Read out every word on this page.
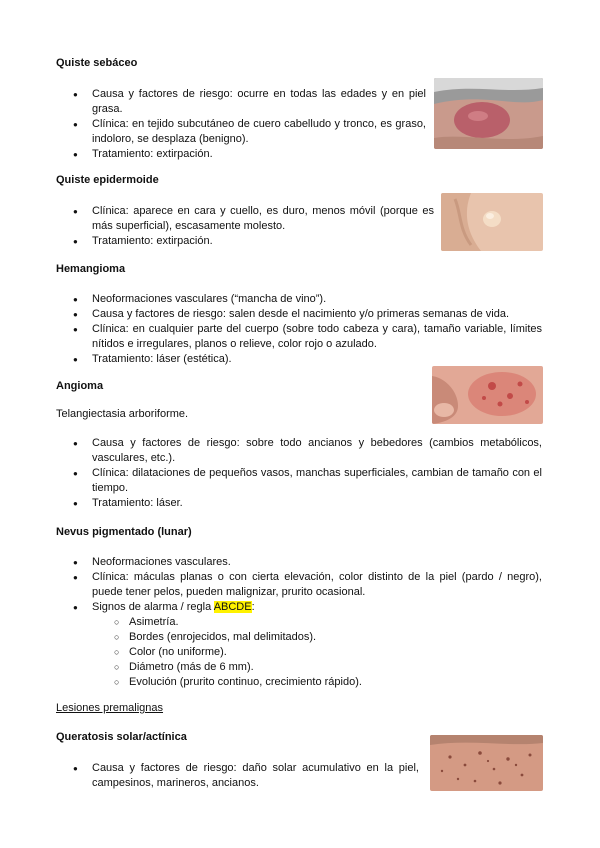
Quiste sebáceo

● Causa y factores de riesgo: ocurre en todas las edades y en piel grasa.
● Clínica: en tejido subcutáneo de cuero cabelludo y tronco, es graso, indoloro, se desplaza (benigno).
● Tratamiento: extirpación.

Quiste epidermoide

● Clínica: aparece en cara y cuello, es duro, menos móvil (porque es más superficial), escasamente molesto.
● Tratamiento: extirpación.

Hemangioma

● Neoformaciones vasculares (“mancha de vino”).
● Causa y factores de riesgo: salen desde el nacimiento y/o primeras semanas de vida.
● Clínica: en cualquier parte del cuerpo (sobre todo cabeza y cara), tamaño variable, límites nítidos e irregulares, planos o relieve, color rojo o azulado.
● Tratamiento: láser (estética).

Angioma

Telangiectasia arboriforme.

● Causa y factores de riesgo: sobre todo ancianos y bebedores (cambios metabólicos, vasculares, etc.).
● Clínica: dilataciones de pequeños vasos, manchas superficiales, cambian de tamaño con el tiempo.
● Tratamiento: láser.

Nevus pigmentado (lunar)

● Neoformaciones vasculares.
● Clínica: máculas planas o con cierta elevación, color distinto de la piel (pardo / negro), puede tener pelos, pueden malignizar, prurito ocasional.
● Signos de alarma / regla ABCDE:
○ Asimetría.
○ Bordes (enrojecidos, mal delimitados).
○ Color (no uniforme).
○ Diámetro (más de 6 mm).
○ Evolución (prurito continuo, crecimiento rápido).

Lesiones premalignas

Queratosis solar/actínica

● Causa y factores de riesgo: daño solar acumulativo en la piel, campesinos, marineros, ancianos.
